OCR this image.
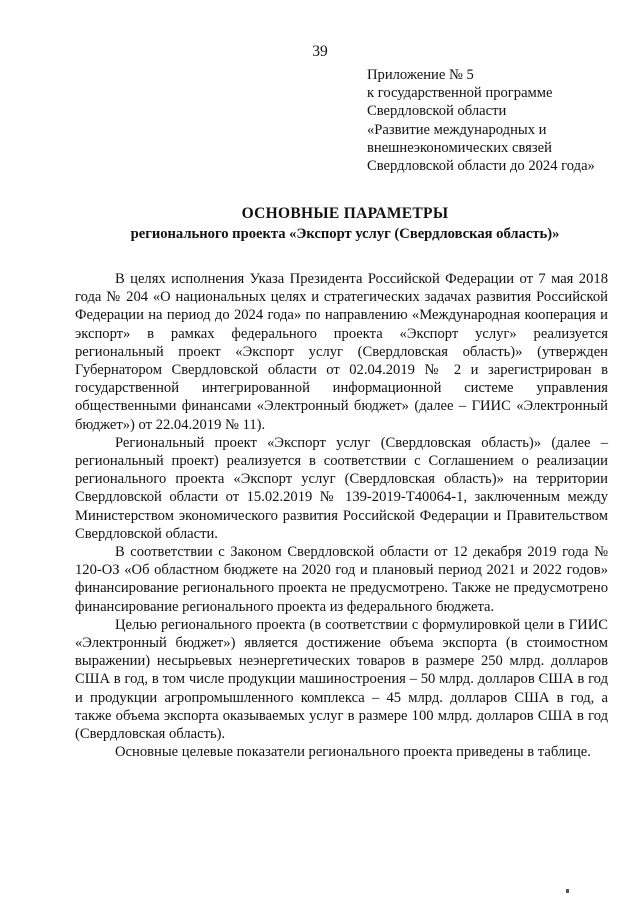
39
Приложение № 5
к государственной программе
Свердловской области
«Развитие международных и
внешнеэкономических связей
Свердловской области до 2024 года»
ОСНОВНЫЕ ПАРАМЕТРЫ
регионального проекта «Экспорт услуг (Свердловская область)»

В целях исполнения Указа Президента Российской Федерации от 7 мая 2018 года № 204 «О национальных целях и стратегических задачах развития Российской Федерации на период до 2024 года» по направлению «Международная кооперация и экспорт» в рамках федерального проекта «Экспорт услуг» реализуется региональный проект «Экспорт услуг (Свердловская область)» (утвержден Губернатором Свердловской области от 02.04.2019 № 2 и зарегистрирован в государственной интегрированной информационной системе управления общественными финансами «Электронный бюджет» (далее – ГИИС «Электронный бюджет») от 22.04.2019 № 11).

Региональный проект «Экспорт услуг (Свердловская область)» (далее – региональный проект) реализуется в соответствии с Соглашением о реализации регионального проекта «Экспорт услуг (Свердловская область)» на территории Свердловской области от 15.02.2019 № 139-2019-Т40064-1, заключенным между Министерством экономического развития Российской Федерации и Правительством Свердловской области.

В соответствии с Законом Свердловской области от 12 декабря 2019 года № 120-ОЗ «Об областном бюджете на 2020 год и плановый период 2021 и 2022 годов» финансирование регионального проекта не предусмотрено. Также не предусмотрено финансирование регионального проекта из федерального бюджета.

Целью регионального проекта (в соответствии с формулировкой цели в ГИИС «Электронный бюджет») является достижение объема экспорта (в стоимостном выражении) несырьевых неэнергетических товаров в размере 250 млрд. долларов США в год, в том числе продукции машиностроения – 50 млрд. долларов США в год и продукции агропромышленного комплекса – 45 млрд. долларов США в год, а также объема экспорта оказываемых услуг в размере 100 млрд. долларов США в год (Свердловская область).

Основные целевые показатели регионального проекта приведены в таблице.
